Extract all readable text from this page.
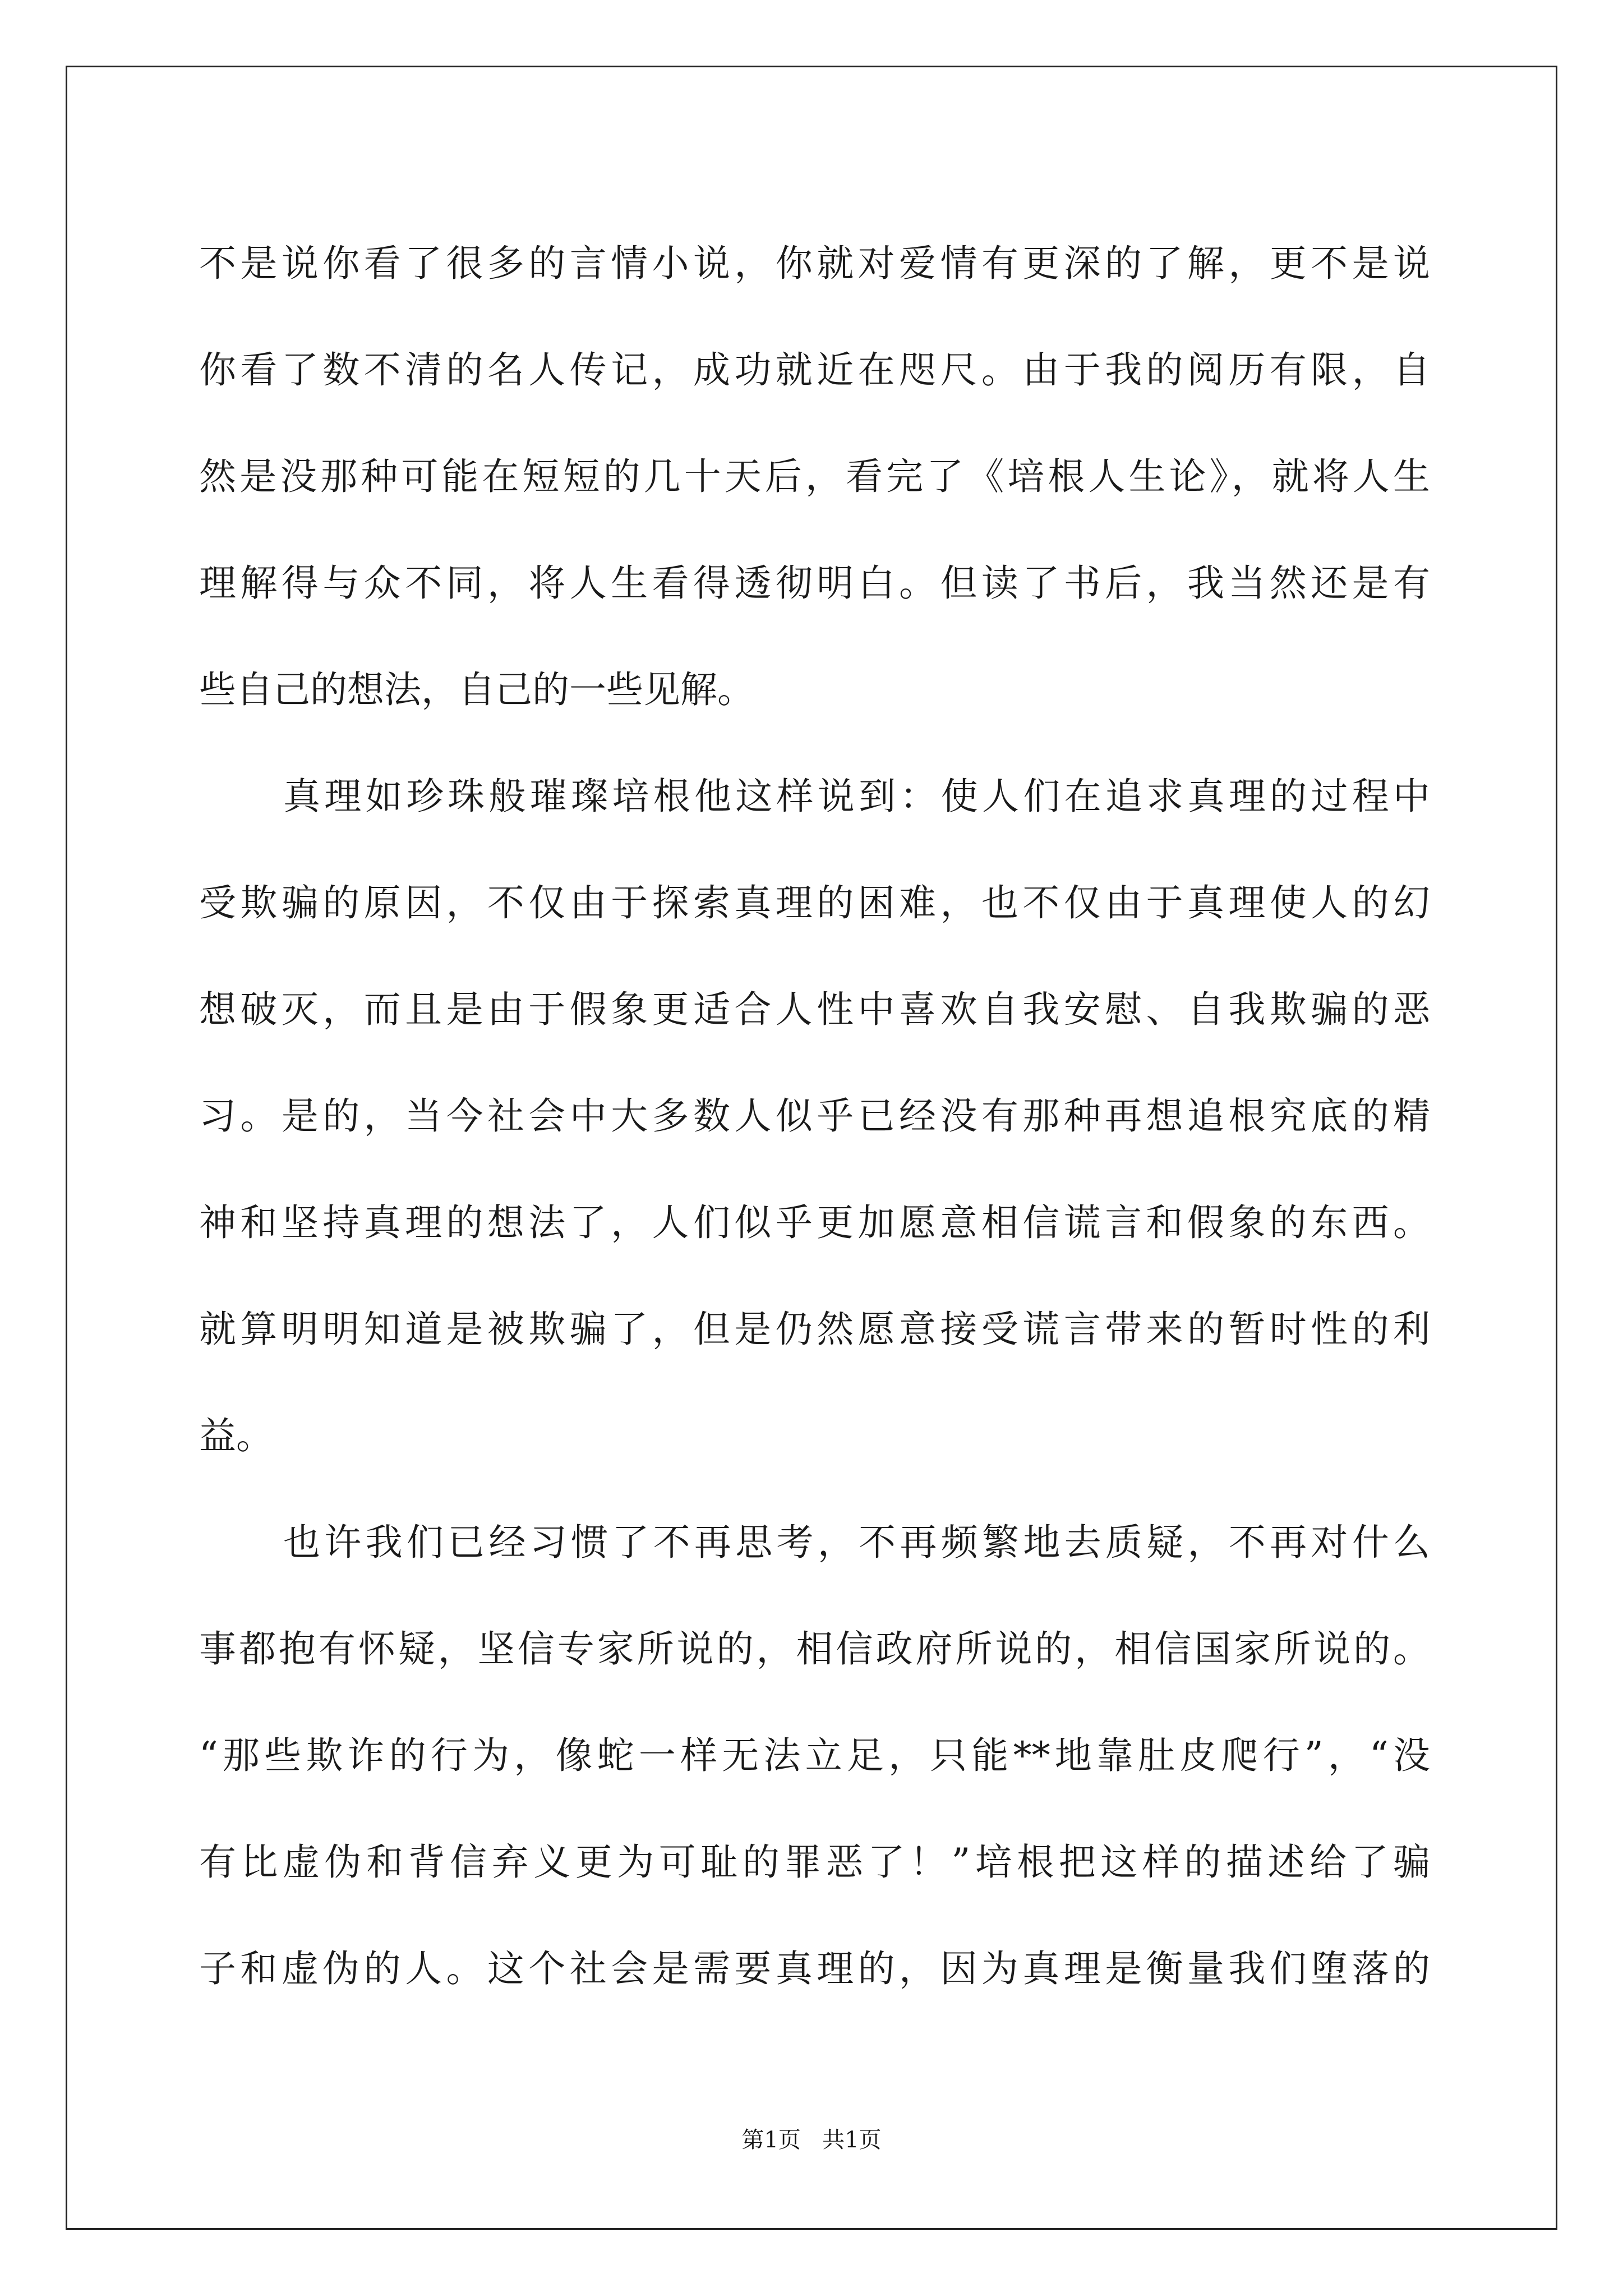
不是说你看了很多的言情小说，你就对爱情有更深的了解，更不是说
你看了数不清的名人传记，成功就近在咫尺。由于我的阅历有限，自
然是没那种可能在短短的几十天后，看完了《培根人生论》，就将人生
理解得与众不同，将人生看得透彻明白。但读了书后，我当然还是有
些自己的想法，自己的一些见解。
真理如珍珠般璀璨培根他这样说到：使人们在追求真理的过程中
受欺骗的原因，不仅由于探索真理的困难，也不仅由于真理使人的幻
想破灭，而且是由于假象更适合人性中喜欢自我安慰、自我欺骗的恶
习。是的，当今社会中大多数人似乎已经没有那种再想追根究底的精
神和坚持真理的想法了，人们似乎更加愿意相信谎言和假象的东西。
就算明明知道是被欺骗了，但是仍然愿意接受谎言带来的暂时性的利
益。
也许我们已经习惯了不再思考，不再频繁地去质疑，不再对什么
事都抱有怀疑，坚信专家所说的，相信政府所说的，相信国家所说的。
“那些欺诈的行为，像蛇一样无法立足，只能**地靠肚皮爬行”，“没
有比虚伪和背信弃义更为可耻的罪恶了！”培根把这样的描述给了骗
子和虚伪的人。这个社会是需要真理的，因为真理是衡量我们堕落的
第1页 共1页
